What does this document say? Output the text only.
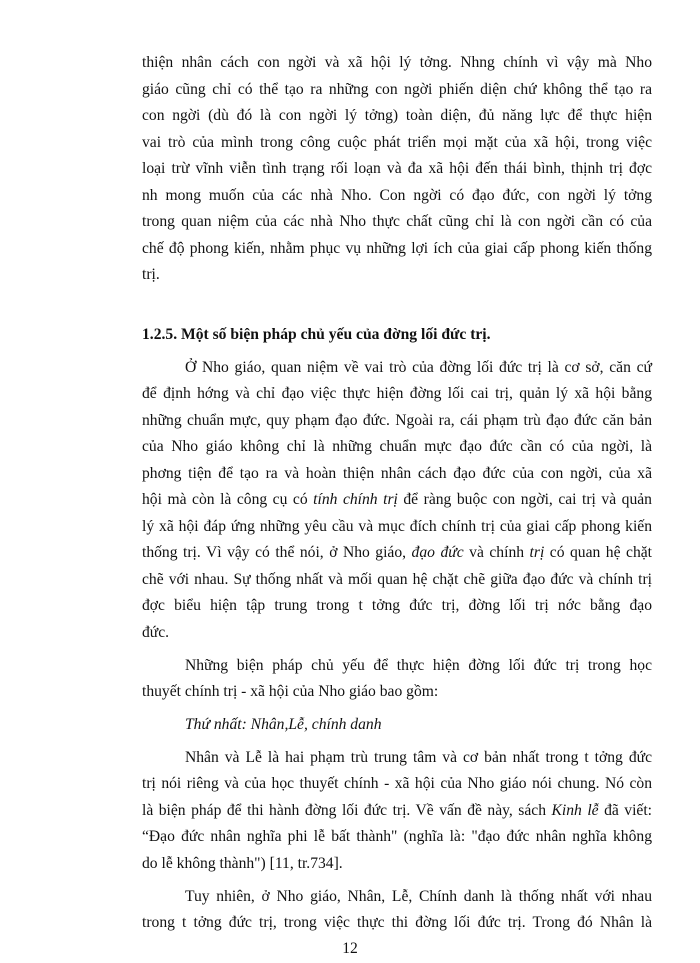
thiện nhân cách con ngời và xã hội lý tởng. Nhng chính vì vậy mà Nho
giáo cũng chỉ có thể tạo ra những con ngời phiến diện chứ không thể tạo ra
con ngời (dù đó là con ngời lý tởng) toàn diện, đủ năng lực để thực hiện
vai trò của mình trong công cuộc phát triển mọi mặt của xã hội, trong việc
loại trừ vĩnh viễn tình trạng rối loạn và đa xã hội đến thái bình, thịnh trị đợc
nh mong muốn của các nhà Nho. Con ngời có đạo đức, con ngời lý tởng
trong quan niệm của các nhà Nho thực chất cũng chỉ là con ngời cần có của
chế độ phong kiến, nhằm phục vụ những lợi ích của giai cấp phong kiến thống
trị.
1.2.5. Một số biện pháp chủ yếu của đờng lối đức trị.
Ở Nho giáo, quan niệm về vai trò của đờng lối đức trị là cơ sở, căn cứ
để định hớng và chỉ đạo việc thực hiện đờng lối cai trị, quản lý xã hội bằng
những chuẩn mực, quy phạm đạo đức. Ngoài ra, cái phạm trù đạo đức căn bản
của Nho giáo không chỉ là những chuẩn mực đạo đức cần có của ngời, là
phơng tiện để tạo ra và hoàn thiện nhân cách đạo đức của con ngời, của xã
hội mà còn là công cụ có tính chính trị để ràng buộc con ngời, cai trị và quản
lý xã hội đáp ứng những yêu cầu và mục đích chính trị của giai cấp phong kiến
thống trị. Vì vậy có thể nói, ở Nho giáo, đạo đức và chính trị có quan hệ chặt
chẽ với nhau. Sự thống nhất và mối quan hệ chặt chẽ giữa đạo đức và chính trị
đợc biểu hiện tập trung trong t tởng đức trị, đờng lối trị nớc bằng đạo
đức.
Những biện pháp chủ yếu để thực hiện đờng lối đức trị trong học
thuyết chính trị - xã hội của Nho giáo bao gồm:
Thứ nhất: Nhân,Lễ, chính danh
Nhân và Lễ là hai phạm trù trung tâm và cơ bản nhất trong t tởng đức
trị nói riêng và của học thuyết chính - xã hội của Nho giáo nói chung. Nó còn
là biện pháp để thi hành đờng lối đức trị. Về vấn đề này, sách Kinh lễ đã viết:
“Đạo đức nhân nghĩa phi lễ bất thành" (nghĩa là: "đạo đức nhân nghĩa không
do lễ không thành") [11, tr.734].
Tuy nhiên, ở Nho giáo, Nhân, Lễ, Chính danh là thống nhất với nhau
trong t tởng đức trị, trong việc thực thi đờng lối đức trị. Trong đó Nhân là
12
